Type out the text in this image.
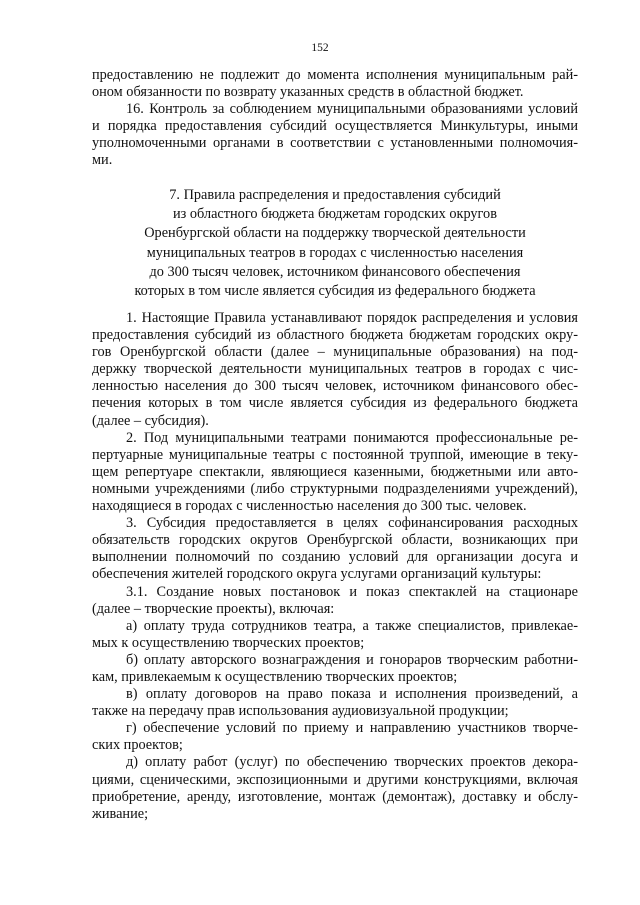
152
предоставлению не подлежит до момента исполнения муниципальным рай-
оном обязанности по возврату указанных средств в областной бюджет.
16. Контроль за соблюдением муниципальными образованиями условий
и порядка предоставления субсидий осуществляется Минкультуры, иными
уполномоченными органами в соответствии с установленными полномочия-
ми.
7. Правила распределения и предоставления субсидий
из областного бюджета бюджетам городских округов
Оренбургской области на поддержку творческой деятельности
муниципальных театров в городах с численностью населения
до 300 тысяч человек, источником финансового обеспечения
которых в том числе является субсидия из федерального бюджета
1. Настоящие Правила устанавливают порядок распределения и условия
предоставления субсидий из областного бюджета бюджетам городских окру-
гов Оренбургской области (далее – муниципальные образования) на под-
держку творческой деятельности муниципальных театров в городах с чис-
ленностью населения до 300 тысяч человек, источником финансового обес-
печения которых в том числе является субсидия из федерального бюджета
(далее – субсидия).
2. Под муниципальными театрами понимаются профессиональные ре-
пертуарные муниципальные театры с постоянной труппой, имеющие в теку-
щем репертуаре спектакли, являющиеся казенными, бюджетными или авто-
номными учреждениями (либо структурными подразделениями учреждений),
находящиеся в городах с численностью населения до 300 тыс. человек.
3. Субсидия предоставляется в целях софинансирования расходных
обязательств городских округов Оренбургской области, возникающих при
выполнении полномочий по созданию условий для организации досуга и
обеспечения жителей городского округа услугами организаций культуры:
3.1. Создание новых постановок и показ спектаклей на стационаре
(далее – творческие проекты), включая:
а) оплату труда сотрудников театра, а также специалистов, привлекае-
мых к осуществлению творческих проектов;
б) оплату авторского вознаграждения и гонораров творческим работни-
кам, привлекаемым к осуществлению творческих проектов;
в) оплату договоров на право показа и исполнения произведений, а
также на передачу прав использования аудиовизуальной продукции;
г) обеспечение условий по приему и направлению участников творче-
ских проектов;
д) оплату работ (услуг) по обеспечению творческих проектов декора-
циями, сценическими, экспозиционными и другими конструкциями, включая
приобретение, аренду, изготовление, монтаж (демонтаж), доставку и обслу-
живание;
